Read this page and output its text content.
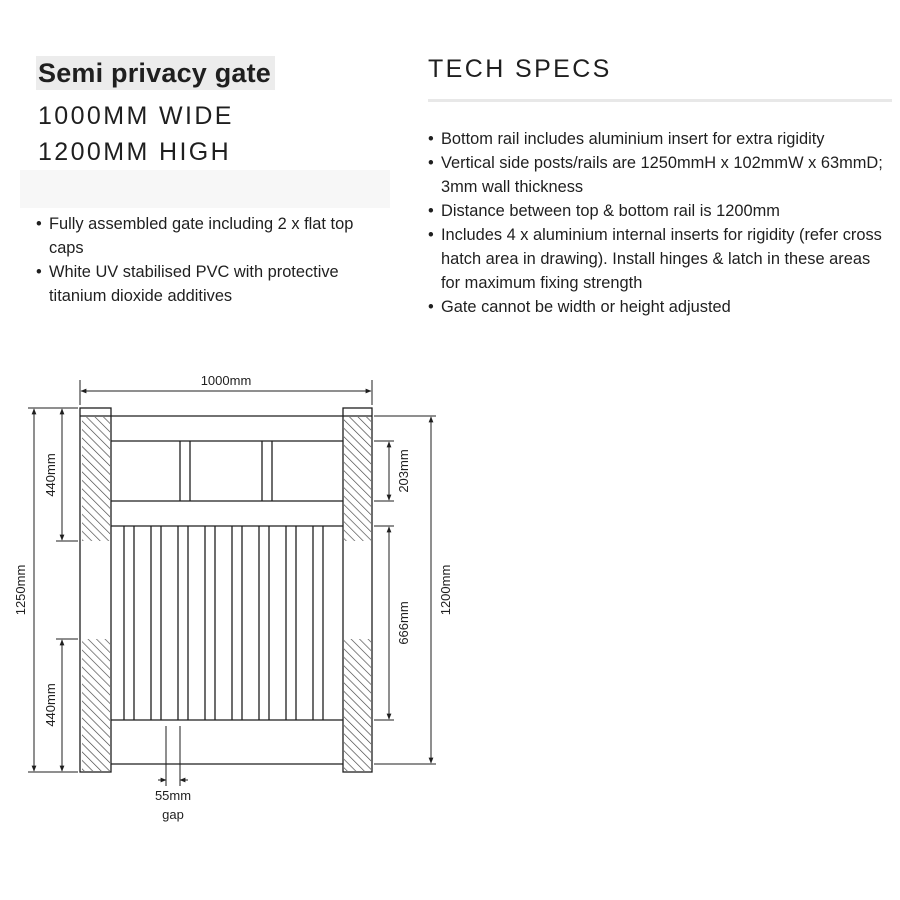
Semi privacy gate
1000MM WIDE
1200MM HIGH
• Fully assembled gate including 2 x flat top caps
• White UV stabilised PVC with protective titanium dioxide additives
TECH SPECS
• Bottom rail includes aluminium insert for extra rigidity
• Vertical side posts/rails are 1250mmH x 102mmW x 63mmD; 3mm wall thickness
• Distance between top & bottom rail is 1200mm
• Includes 4 x aluminium internal inserts for rigidity (refer cross hatch area in drawing). Install hinges & latch in these areas for maximum fixing strength
• Gate cannot be width or height adjusted
1000mm
1250mm
440mm
440mm
203mm
666mm
1200mm
55mm
gap
